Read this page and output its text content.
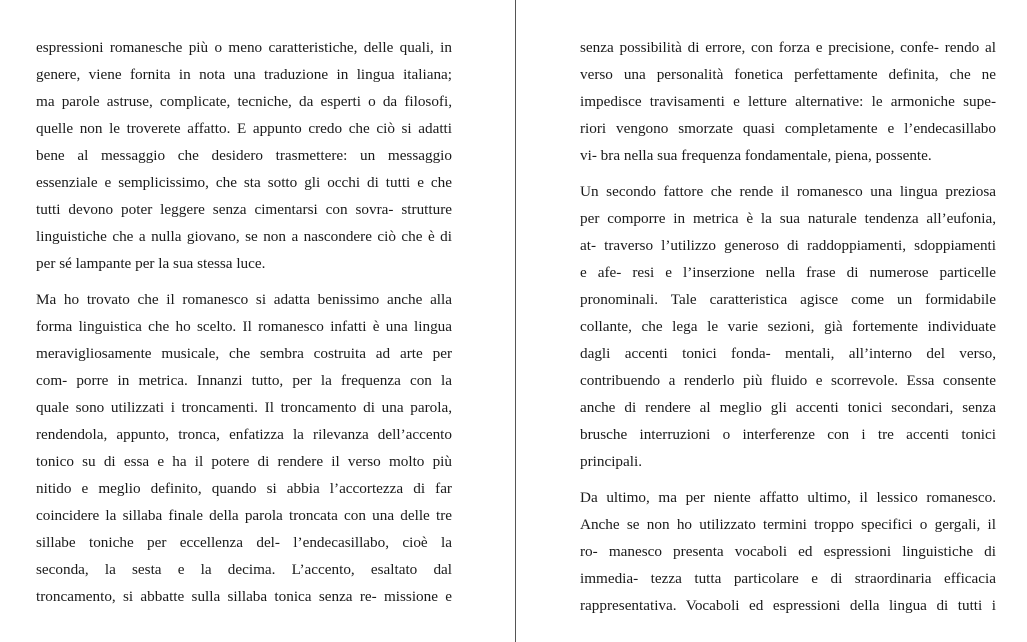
espressioni romanesche più o meno caratteristiche, delle quali, in
genere, viene fornita in nota una traduzione in lingua italiana;
ma parole astruse, complicate, tecniche, da esperti o da filosofi,
quelle non le troverete affatto. E appunto credo che ciò si adatti
bene al messaggio che desidero trasmettere: un messaggio
essenziale e semplicissimo, che sta sotto gli occhi di tutti e che
tutti devono poter leggere senza cimentarsi con sovra- strutture
linguistiche che a nulla giovano, se non a nascondere ciò che è di
per sé lampante per la sua stessa luce.

Ma ho trovato che il romanesco si adatta benissimo anche alla
forma linguistica che ho scelto. Il romanesco infatti è una lingua
meravigliosamente musicale, che sembra costruita ad arte per
com- porre in metrica. Innanzi tutto, per la frequenza con la
quale sono utilizzati i troncamenti. Il troncamento di una parola,
rendendola, appunto, tronca, enfatizza la rilevanza dell’accento
tonico su di essa e ha il potere di rendere il verso molto più
nitido e meglio definito, quando si abbia l’accortezza di far
coincidere la sillaba finale della parola troncata con una delle tre
sillabe toniche per eccellenza del- l’endecasillabo, cioè la
seconda, la sesta e la decima. L’accento, esaltato dal
troncamento, si abbatte sulla sillaba tonica senza re- missione e

senza possibilità di errore, con forza e precisione, confe- rendo al
verso una personalità fonetica perfettamente definita, che ne
impedisce travisamenti e letture alternative: le armoniche supe-
riori vengono smorzate quasi completamente e l’endecasillabo
vi- bra nella sua frequenza fondamentale, piena, possente.

Un secondo fattore che rende il romanesco una lingua preziosa
per comporre in metrica è la sua naturale tendenza all’eufonia,
at- traverso l’utilizzo generoso di raddoppiamenti, sdoppiamenti
e afe- resi e l’inserzione nella frase di numerose particelle
pronominali. Tale caratteristica agisce come un formidabile
collante, che lega le varie sezioni, già fortemente individuate
dagli accenti tonici fonda- mentali, all’interno del verso,
contribuendo a renderlo più fluido e scorrevole. Essa consente
anche di rendere al meglio gli accenti tonici secondari, senza
brusche interruzioni o interferenze con i tre accenti tonici
principali.

Da ultimo, ma per niente affatto ultimo, il lessico romanesco.
Anche se non ho utilizzato termini troppo specifici o gergali, il
ro- manesco presenta vocaboli ed espressioni linguistiche di
immedia- tezza tutta particolare e di straordinaria efficacia
rappresentativa. Vocaboli ed espressioni della lingua di tutti i
